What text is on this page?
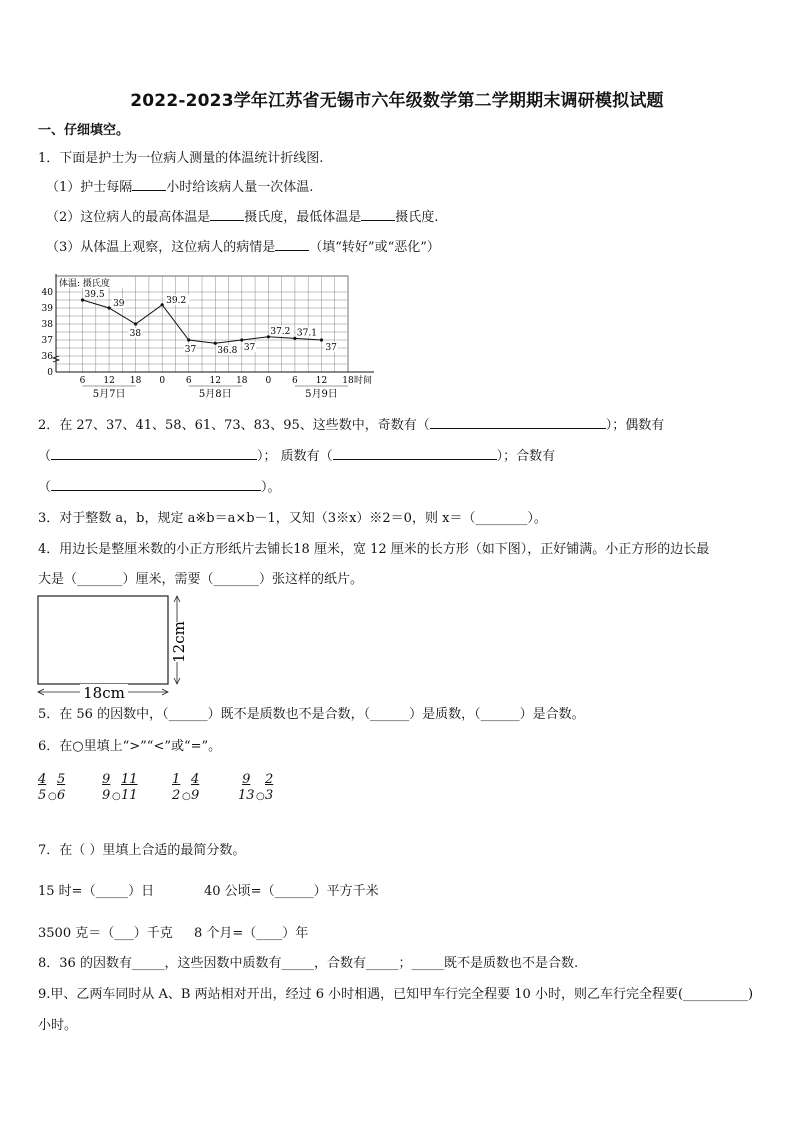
2022-2023学年江苏省无锡市六年级数学第二学期期末调研模拟试题
一、仔细填空。
1．下面是护士为一位病人测量的体温统计折线图.
（1）护士每隔	小时给该病人量一次体温.
（2）这位病人的最高体温是	摄氏度，最低体温是	摄氏度.
（3）从体温上观察，这位病人的病情是	（填“转好”或“恶化”）
体温: 摄氏度
0
36
37
38
39
40
6 12 18 0 6 12 18 0 6 12 18 时间
5月7日	5月8日	5月9日
39.5
39
38
39.2
37 36.8 37
37.2 37.1
37
2．在 27、37、41、58、61、73、83、95、这些数中，奇数有（	）；偶数有
（	）； 质数有（	）；合数有
（	）。
3．对于整数 a，b，规定 a※b＝a×b－1，又知（3※x）※2＝0，则 x＝（________）。
4．用边长是整厘米数的小正方形纸片去铺长18 厘米，宽 12 厘米的长方形（如下图），正好铺满。小正方形的边长最
大是（_______）厘米，需要（_______）张这样的纸片。
18cm
12cm
5．在 56 的因数中，（______）既不是质数也不是合数，（______）是质数，（______）是合数。
6．在○里填上“>”“<”或“=”。
$\frac{4}{5}$ ○ $\frac{5}{6}$	$\frac{9}{9}$ ○ $\frac{11}{11}$	$\frac{1}{2}$ ○ $\frac{4}{9}$	$\frac{9}{13}$ ○ $\frac{2}{3}$
7．在（ ）里填上合适的最简分数。
15 时=（_____）日	40 公顷=（______）平方千米
3500 克＝（___）千克 8 个月=（____）年
8．36 的因数有_____，这些因数中质数有_____，合数有_____；_____既不是质数也不是合数.
9.甲、乙两车同时从 A、B 两站相对开出，经过 6 小时相遇，已知甲车行完全程要 10 小时，则乙车行完全程要(__________)
小时。
